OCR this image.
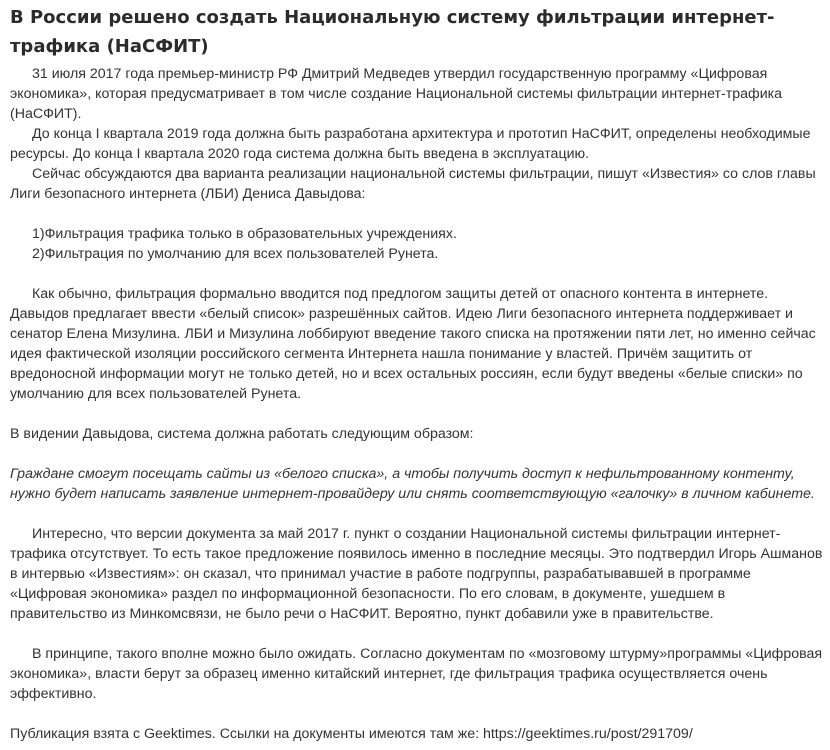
В России решено создать Национальную систему фильтрации интернет-трафика (НаСФИТ)

31 июля 2017 года премьер-министр РФ Дмитрий Медведев утвердил государственную программу «Цифровая экономика», которая предусматривает в том числе создание Национальной системы фильтрации интернет-трафика (НаСФИТ).

До конца I квартала 2019 года должна быть разработана архитектура и прототип НаСФИТ, определены необходимые ресурсы. До конца I квартала 2020 года система должна быть введена в эксплуатацию.

Сейчас обсуждаются два варианта реализации национальной системы фильтрации, пишут «Известия» со слов главы Лиги безопасного интернета (ЛБИ) Дениса Давыдова:

1)Фильтрация трафика только в образовательных учреждениях.

2)Фильтрация по умолчанию для всех пользователей Рунета.

Как обычно, фильтрация формально вводится под предлогом защиты детей от опасного контента в интернете. Давыдов предлагает ввести «белый список» разрешённых сайтов. Идею Лиги безопасного интернета поддерживает и сенатор Елена Мизулина. ЛБИ и Мизулина лоббируют введение такого списка на протяжении пяти лет, но именно сейчас идея фактической изоляции российского сегмента Интернета нашла понимание у властей. Причём защитить от вредоносной информации могут не только детей, но и всех остальных россиян, если будут введены «белые списки» по умолчанию для всех пользователей Рунета.

В видении Давыдова, система должна работать следующим образом:

Граждане смогут посещать сайты из «белого списка», а чтобы получить доступ к нефильтрованному контенту, нужно будет написать заявление интернет-провайдеру или снять соответствующую «галочку» в личном кабинете.

Интересно, что версии документа за май 2017 г. пункт о создании Национальной системы фильтрации интернет-трафика отсутствует. То есть такое предложение появилось именно в последние месяцы. Это подтвердил Игорь Ашманов в интервью «Известиям»: он сказал, что принимал участие в работе подгруппы, разрабатывавшей в программе «Цифровая экономика» раздел по информационной безопасности. По его словам, в документе, ушедшем в правительство из Минкомсвязи, не было речи о НаСФИТ. Вероятно, пункт добавили уже в правительстве.

В принципе, такого вполне можно было ожидать. Согласно документам по «мозговому штурму»программы «Цифровая экономика», власти берут за образец именно китайский интернет, где фильтрация трафика осуществляется очень эффективно.

Публикация взята с Geektimes. Ссылки на документы имеются там же: https://geektimes.ru/post/291709/
